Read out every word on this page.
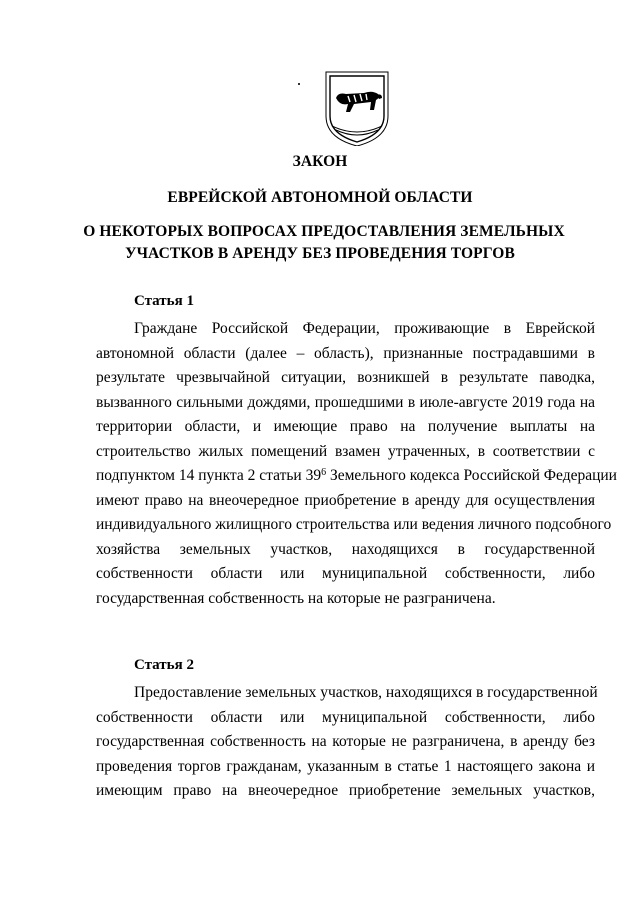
ЗАКОН
ЕВРЕЙСКОЙ АВТОНОМНОЙ ОБЛАСТИ
О НЕКОТОРЫХ ВОПРОСАХ ПРЕДОСТАВЛЕНИЯ ЗЕМЕЛЬНЫХ
УЧАСТКОВ В АРЕНДУ БЕЗ ПРОВЕДЕНИЯ ТОРГОВ
Статья 1
Граждане Российской Федерации, проживающие в Еврейской
автономной области (далее – область), признанные пострадавшими в
результате чрезвычайной ситуации, возникшей в результате паводка,
вызванного сильными дождями, прошедшими в июле-августе 2019 года на
территории области, и имеющие право на получение выплаты на
строительство жилых помещений взамен утраченных, в соответствии с
подпунктом 14 пункта 2 статьи $39^6$ Земельного кодекса Российской Федерации
имеют право на внеочередное приобретение в аренду для осуществления
индивидуального жилищного строительства или ведения личного подсобного
хозяйства земельных участков, находящихся в государственной
собственности области или муниципальной собственности, либо
государственная собственность на которые не разграничена.
Статья 2
Предоставление земельных участков, находящихся в государственной
собственности области или муниципальной собственности, либо
государственная собственность на которые не разграничена, в аренду без
проведения торгов гражданам, указанным в статье 1 настоящего закона и
имеющим право на внеочередное приобретение земельных участков,
